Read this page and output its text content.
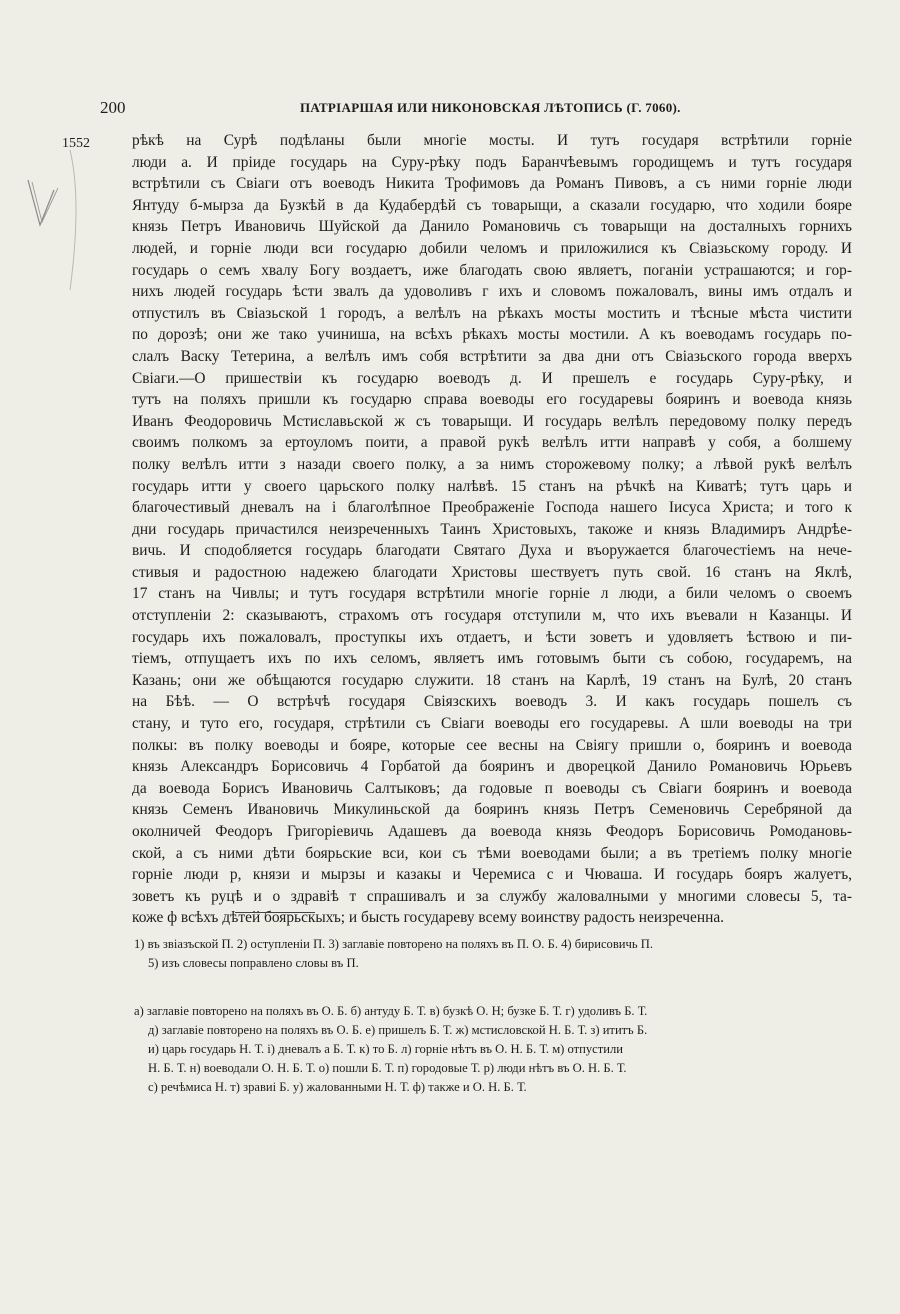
200	ПАТРІАРШАЯ ИЛИ НИКОНОВСКАЯ ЛѢТОПИСЬ (Г. 7060).
1552	рѣкѣ на Сурѣ подѣланы были многіе мосты. И тутъ государя встрѣтили горніе
люди а. И пріиде государь на Суру-рѣку подъ Баранчѣевымъ городищемъ и тутъ государя
встрѣтили съ Свіаги отъ воеводъ Никита Трофимовъ да Романъ Пивовъ, а съ ними горніе люди
Янтуду б-мырза да Бузкѣй в да Кудабердѣй съ товарыщи, а сказали государю, что ходили бояре
князь Петръ Ивановичь Шуйской да Данило Романовичь съ товарыщи на досталныхъ горнихъ
людей, и горніе люди вси государю добили челомъ и приложилися къ Свіазьскому городу. И
государь о семъ хвалу Богу воздаетъ, иже благодать свою являетъ, поганіи устрашаются; и гор-
нихъ людей государь ѣсти звалъ да удоволивъ г ихъ и словомъ пожаловалъ, вины имъ отдалъ и
отпустилъ въ Свіазьской 1 городъ, а велѣлъ на рѣкахъ мосты мостить и тѣсные мѣста чистити
по дорозѣ; они же тако учиниша, на всѣхъ рѣкахъ мосты мостили. А къ воеводамъ государь по-
слалъ Васку Тетерина, а велѣлъ имъ собя встрѣтити за два дни отъ Свіазьского города вверхъ
Свіаги.—О пришествіи къ государю воеводъ д. И прешелъ е государь Суру-рѣку, и
тутъ на поляхъ пришли къ государю справа воеводы его государевы бояринъ и воевода князь
Иванъ Феодоровичь Мстиславьской ж съ товарыщи. И государь велѣлъ передовому полку передъ
своимъ полкомъ за ертоуломъ поити, а правой рукѣ велѣлъ итти направѣ у собя, а болшему
полку велѣлъ итти з назади своего полку, а за нимъ сторожевому полку; а лѣвой рукѣ велѣлъ
государь итти у своего царьского полку налѣвѣ. 15 станъ на рѣчкѣ на Киватѣ; тутъ царь и
благочестивый дневалъ на і благолѣпное Преображеніе Господа нашего Іисуса Христа; и того к
дни государь причастился неизреченныхъ Таинъ Христовыхъ, такоже и князь Владимиръ Андрѣе-
вичь. И сподобляется государь благодати Святаго Духа и въоружается благочестіемъ на нече-
стивыя и радостною надежею благодати Христовы шествуетъ путь свой. 16 станъ на Яклѣ,
17 станъ на Чивлы; и тутъ государя встрѣтили многіе горніе л люди, а били челомъ о своемъ
отступленіи 2: сказываютъ, страхомъ отъ государя отступили м, что ихъ въевали н Казанцы. И
государь ихъ пожаловалъ, проступкы ихъ отдаетъ, и ѣсти зоветъ и удовляетъ ѣствою и пи-
тіемъ, отпущаетъ ихъ по ихъ селомъ, являетъ имъ готовымъ быти съ собою, государемъ, на
Казань; они же обѣщаются государю служити. 18 станъ на Карлѣ, 19 станъ на Булѣ, 20 станъ
на Бѣѣ. — О встрѣчѣ государя Свіязскихъ воеводъ 3. И какъ государь пошелъ съ
стану, и туто его, государя, стрѣтили съ Свіаги воеводы его государевы. А шли воеводы на три
полкы: въ полку воеводы и бояре, которые сее весны на Свіягу пришли о, бояринъ и воевода
князь Александръ Борисовичь 4 Горбатой да бояринъ и дворецкой Данило Романовичь Юрьевъ
да воевода Борисъ Ивановичь Салтыковъ; да годовые п воеводы съ Свіаги бояринъ и воевода
князь Семенъ Ивановичь Микулиньской да бояринъ князь Петръ Семеновичь Серебряной да
околничей Феодоръ Григоріевичь Адашевъ да воевода князь Феодоръ Борисовичь Ромодановь-
ской, а съ ними дѣти боярьские вси, кои съ тѣми воеводами были; а въ третіемъ полку многіе
горніе люди р, князи и мырзы и казакы и Черемиса с и Чюваша. И государь бояръ жалуетъ,
зоветъ къ руцѣ и о здравіѣ т спрашивалъ и за службу жаловалными у многими словесы 5, та-
коже ф всѣхъ дѣтей боярьскыхъ; и бысть государеву всему воинству радость неизреченна.
1) въ звіазъской П. 2) оступленіи П. 3) заглавіе повторено на поляхъ въ П. О. Б. 4) бирисовичь П.
5) изъ словесы поправлено словы въ П.
а) заглавіе повторено на поляхъ въ О. Б. б) антуду Б. Т. в) бузкѣ О. Н; бузке Б. Т. г) удоливъ Б. Т.
д) заглавіе повторено на поляхъ въ О. Б. е) пришелъ Б. Т. ж) мстисловской Н. Б. Т. з) ититъ Б.
и) царь государь Н. Т. і) дневалъ а Б. Т. к) то Б. л) горніе нѣтъ въ О. Н. Б. Т. м) отпустили
Н. Б. Т. н) воеводали О. Н. Б. Т. о) пошли Б. Т. п) городовые Т. р) люди нѣтъ въ О. Н. Б. Т.
с) речѣмиса Н. т) зравиі Б. у) жалованными Н. Т. ф) также и О. Н. Б. Т.
